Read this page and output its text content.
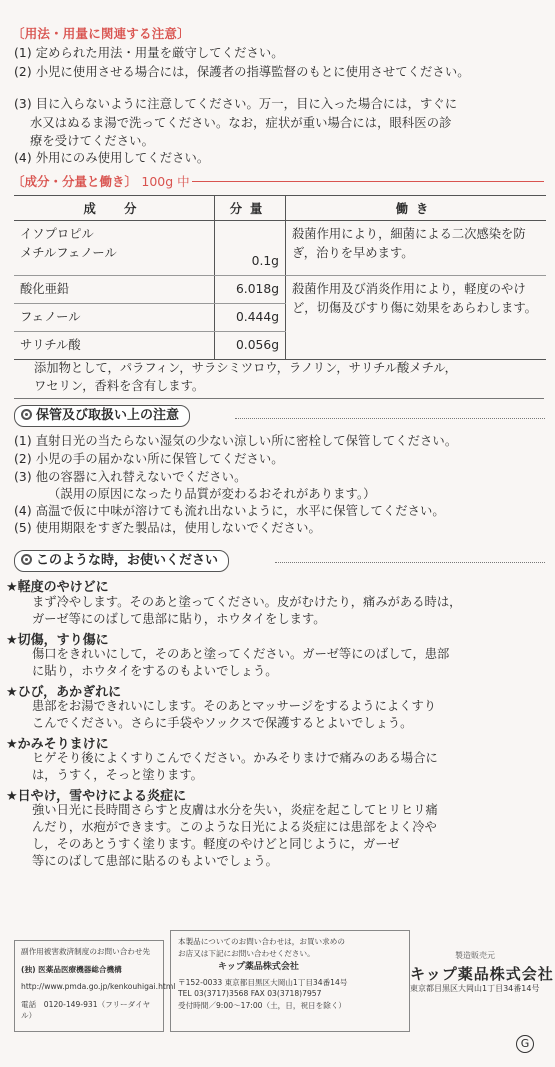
〔用法・用量に関連する注意〕
(1) 定められた用法・用量を厳守してください。
(2) 小児に使用させる場合には，保護者の指導監督のもとに使用させてください。
(3) 目に入らないように注意してください。万一，目に入った場合には，すぐに
水又はぬるま湯で洗ってください。なお，症状が重い場合には，眼科医の診
療を受けてください。
(4) 外用にのみ使用してください。
〔成分・分量と働き〕 100g 中
成　分	分量	働き
イソプロピル
メチルフェノール	0.1g	殺菌作用により，細菌による二次感染を防ぎ，治りを早めます。
酸化亜鉛	6.018g	殺菌作用及び消炎作用により，軽度のやけど，切傷及びすり傷に効果をあらわします。
フェノール	0.444g	
サリチル酸	0.056g	
添加物として，パラフィン，サラシミツロウ，ラノリン，サリチル酸メチル，
ワセリン，香料を含有します。
保管及び取扱い上の注意
(1) 直射日光の当たらない湿気の少ない涼しい所に密栓して保管してください。
(2) 小児の手の届かない所に保管してください。
(3) 他の容器に入れ替えないでください。
（誤用の原因になったり品質が変わるおそれがあります。）
(4) 高温で仮に中味が溶けても流れ出ないように，水平に保管してください。
(5) 使用期限をすぎた製品は，使用しないでください。
このような時，お使いください
★軽度のやけどに
まず冷やします。そのあと塗ってください。皮がむけたり，痛みがある時は，
ガーゼ等にのばして患部に貼り，ホウタイをします。
★切傷，すり傷に
傷口をきれいにして，そのあと塗ってください。ガーゼ等にのばして，患部
に貼り，ホウタイをするのもよいでしょう。
★ひび，あかぎれに
患部をお湯できれいにします。そのあとマッサージをするようによくすり
こんでください。さらに手袋やソックスで保護するとよいでしょう。
★かみそりまけに
ヒゲそり後によくすりこんでください。かみそりまけで痛みのある場合に
は，うすく，そっと塗ります。
★日やけ，雪やけによる炎症に
強い日光に長時間さらすと皮膚は水分を失い，炎症を起こしてヒリヒリ痛
んだり，水疱ができます。このような日光による炎症には患部をよく冷や
し，そのあとうすく塗ります。軽度のやけどと同じように，ガーゼ
等にのばして患部に貼るのもよいでしょう。
副作用被害救済制度のお問い合わせ先
(独) 医薬品医療機器総合機構
http://www.pmda.go.jp/kenkouhigai.html
電話　0120-149-931（フリーダイヤル）
本製品についてのお問い合わせは，お買い求めの
お店又は下記にお問い合わせください。
キップ薬品株式会社
〒152-0033 東京都目黒区大岡山1丁目34番14号
TEL 03(3717)3568 FAX 03(3718)7957
受付時間／9:00〜17:00（土，日，祝日を除く）
製造販売元
キップ薬品株式会社
東京都目黒区大岡山1丁目34番14号
G
